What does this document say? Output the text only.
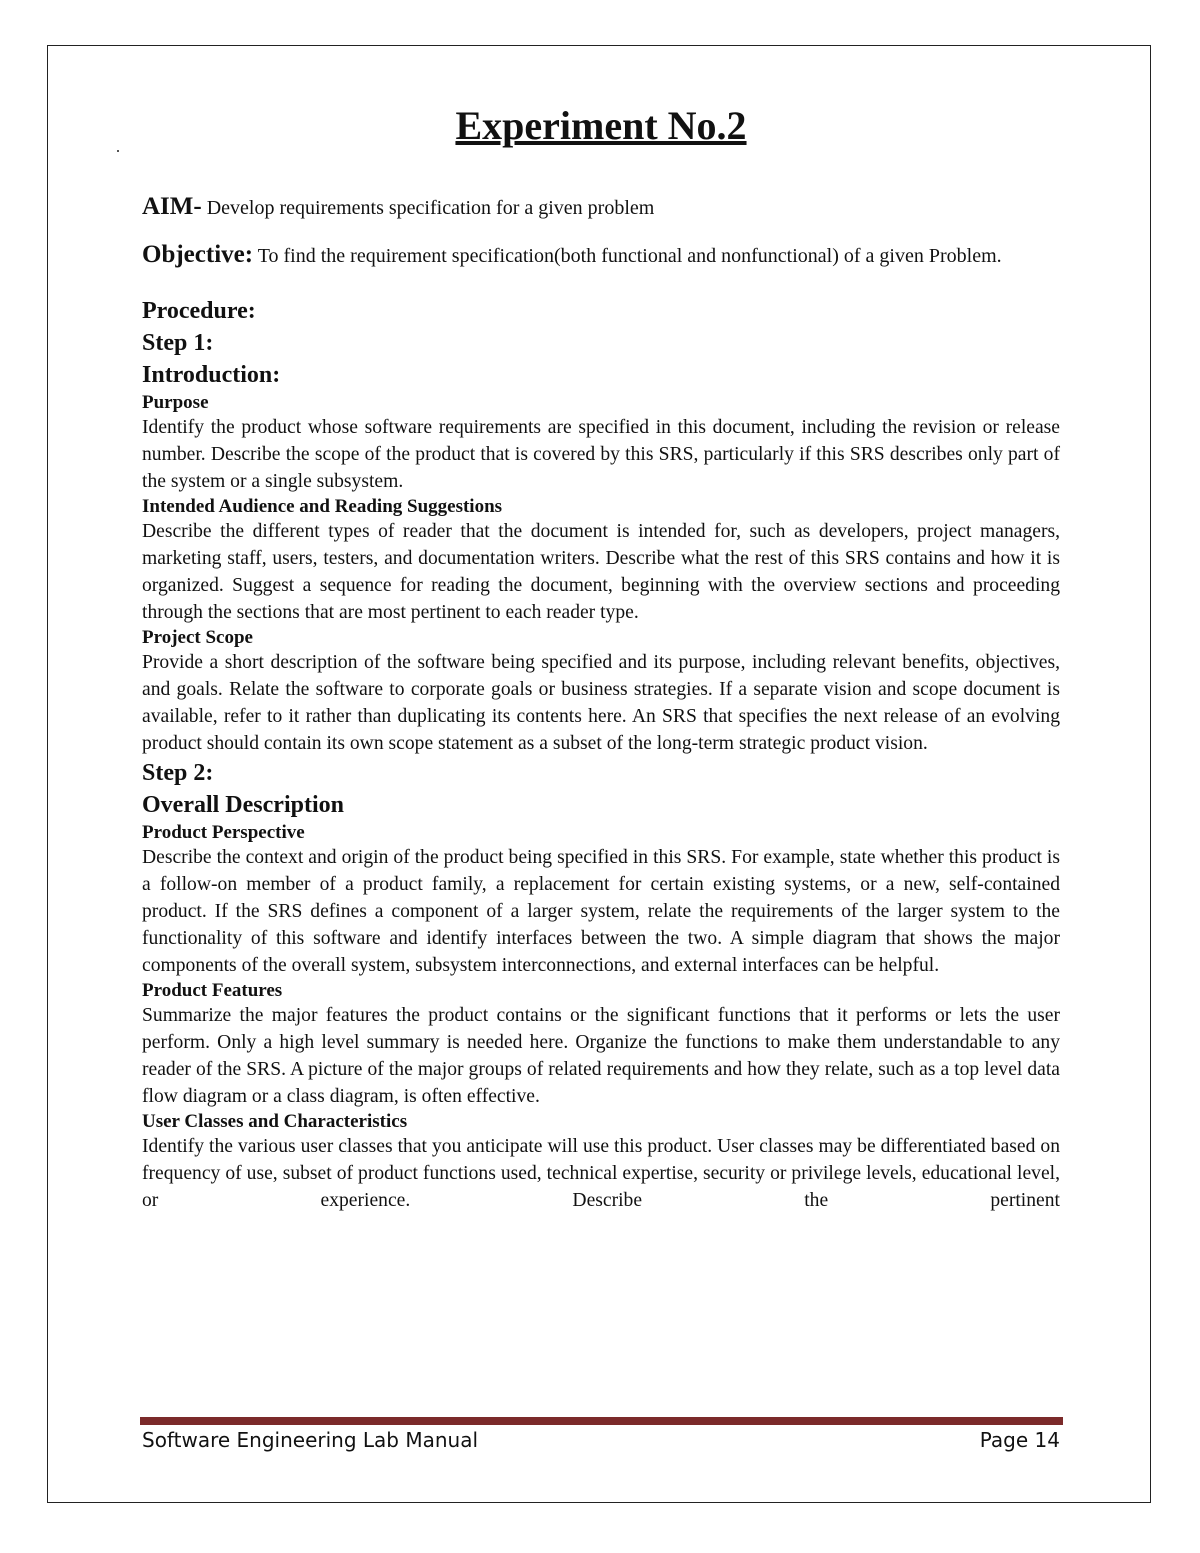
Experiment No.2
AIM- Develop requirements specification for a given problem
Objective: To find the requirement specification(both functional and nonfunctional) of a given Problem.

Procedure:

Step 1:

Introduction:

Purpose

Identify the product whose software requirements are specified in this document, including the revision or release number. Describe the scope of the product that is covered by this SRS, particularly if this SRS describes only part of the system or a single subsystem.

Intended Audience and Reading Suggestions

Describe the different types of reader that the document is intended for, such as developers, project managers, marketing staff, users, testers, and documentation writers. Describe what the rest of this SRS contains and how it is organized. Suggest a sequence for reading the document, beginning with the overview sections and proceeding through the sections that are most pertinent to each reader type.

Project Scope

Provide a short description of the software being specified and its purpose, including relevant benefits, objectives, and goals. Relate the software to corporate goals or business strategies. If a separate vision and scope document is available, refer to it rather than duplicating its contents here. An SRS that specifies the next release of an evolving product should contain its own scope statement as a subset of the long-term strategic product vision.

Step 2:

Overall Description

Product Perspective

Describe the context and origin of the product being specified in this SRS. For example, state whether this product is a follow-on member of a product family, a replacement for certain existing systems, or a new, self-contained product. If the SRS defines a component of a larger system, relate the requirements of the larger system to the functionality of this software and identify interfaces between the two. A simple diagram that shows the major components of the overall system, subsystem interconnections, and external interfaces can be helpful.

Product Features

Summarize the major features the product contains or the significant functions that it performs or lets the user perform. Only a high level summary is needed here. Organize the functions to make them understandable to any reader of the SRS. A picture of the major groups of related requirements and how they relate, such as a top level data flow diagram or a class diagram, is often effective.

User Classes and Characteristics

Identify the various user classes that you anticipate will use this product. User classes may be differentiated based on frequency of use, subset of product functions used, technical expertise, security or privilege levels, educational level, or experience. Describe the pertinent

Software Engineering Lab Manual	Page 14
